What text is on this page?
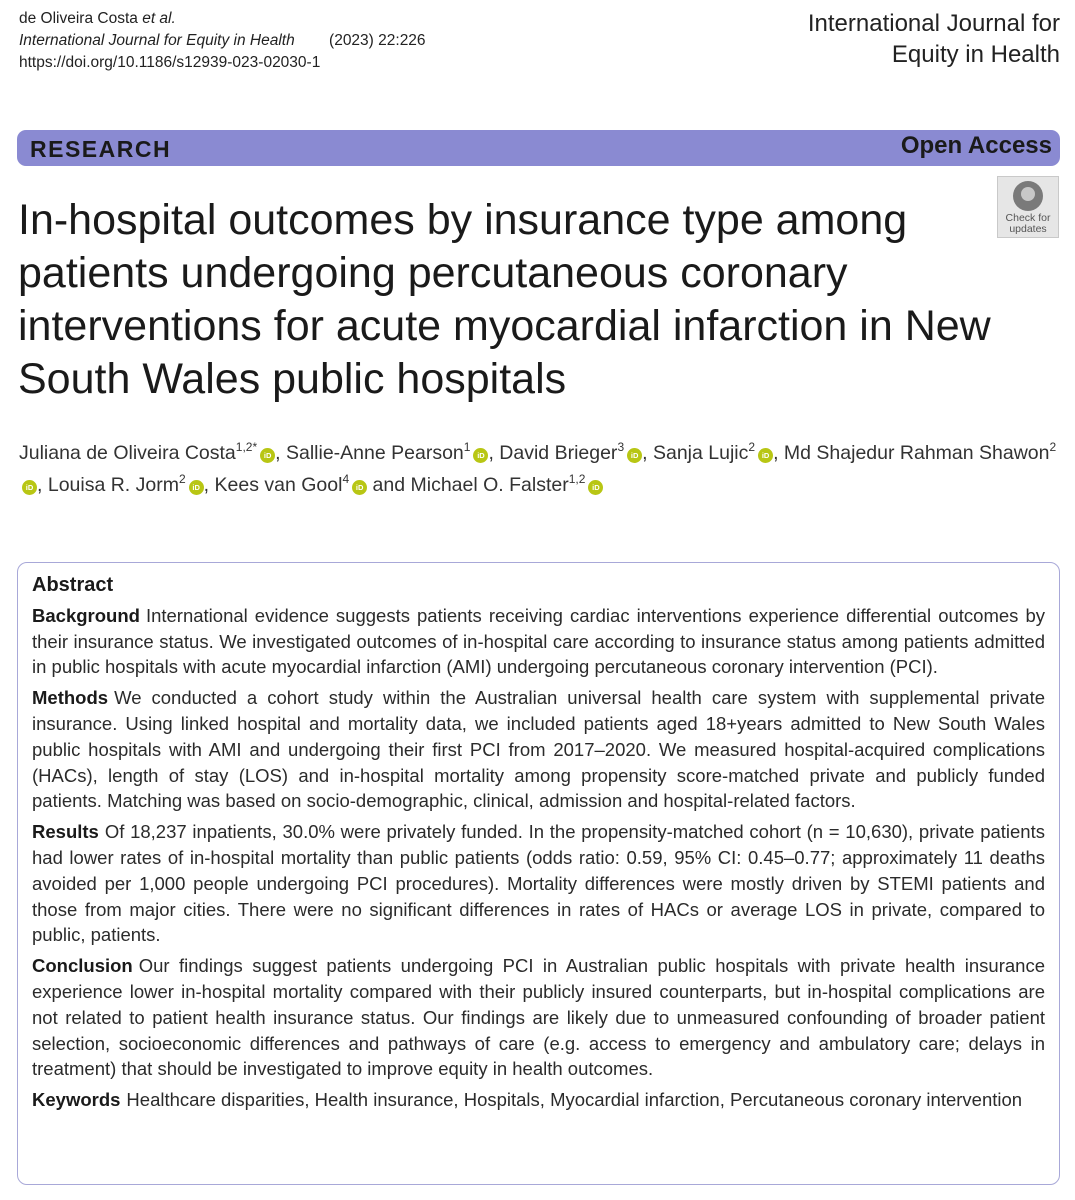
de Oliveira Costa et al.
International Journal for Equity in Health (2023) 22:226
https://doi.org/10.1186/s12939-023-02030-1
International Journal for
Equity in Health
RESEARCH	Open Access
Check for
updates
In-hospital outcomes by insurance type among patients undergoing percutaneous coronary interventions for acute myocardial infarction in New South Wales public hospitals
Juliana de Oliveira Costa$^{1,2*}$iD , Sallie-Anne Pearson$^1$iD , David Brieger$^3$iD , Sanja Lujic$^2$iD , Md Shajedur Rahman Shawon$^2$iD , Louisa R. Jorm$^2$iD , Kees van Gool$^4$iD and Michael O. Falster$^{1,2}$iD
Abstract

Background International evidence suggests patients receiving cardiac interventions experience differential outcomes by their insurance status. We investigated outcomes of in-hospital care according to insurance status among patients admitted in public hospitals with acute myocardial infarction (AMI) undergoing percutaneous coronary intervention (PCI).

Methods We conducted a cohort study within the Australian universal health care system with supplemental private insurance. Using linked hospital and mortality data, we included patients aged 18+years admitted to New South Wales public hospitals with AMI and undergoing their first PCI from 2017–2020. We measured hospital-acquired complications (HACs), length of stay (LOS) and in-hospital mortality among propensity score-matched private and publicly funded patients. Matching was based on socio-demographic, clinical, admission and hospital-related factors.

Results Of 18,237 inpatients, 30.0% were privately funded. In the propensity-matched cohort (n = 10,630), private patients had lower rates of in-hospital mortality than public patients (odds ratio: 0.59, 95% CI: 0.45–0.77; approximately 11 deaths avoided per 1,000 people undergoing PCI procedures). Mortality differences were mostly driven by STEMI patients and those from major cities. There were no significant differences in rates of HACs or average LOS in private, compared to public, patients.

Conclusion Our findings suggest patients undergoing PCI in Australian public hospitals with private health insurance experience lower in-hospital mortality compared with their publicly insured counterparts, but in-hospital complications are not related to patient health insurance status. Our findings are likely due to unmeasured confounding of broader patient selection, socioeconomic differences and pathways of care (e.g. access to emergency and ambulatory care; delays in treatment) that should be investigated to improve equity in health outcomes.

Keywords Healthcare disparities, Health insurance, Hospitals, Myocardial infarction, Percutaneous coronary intervention
